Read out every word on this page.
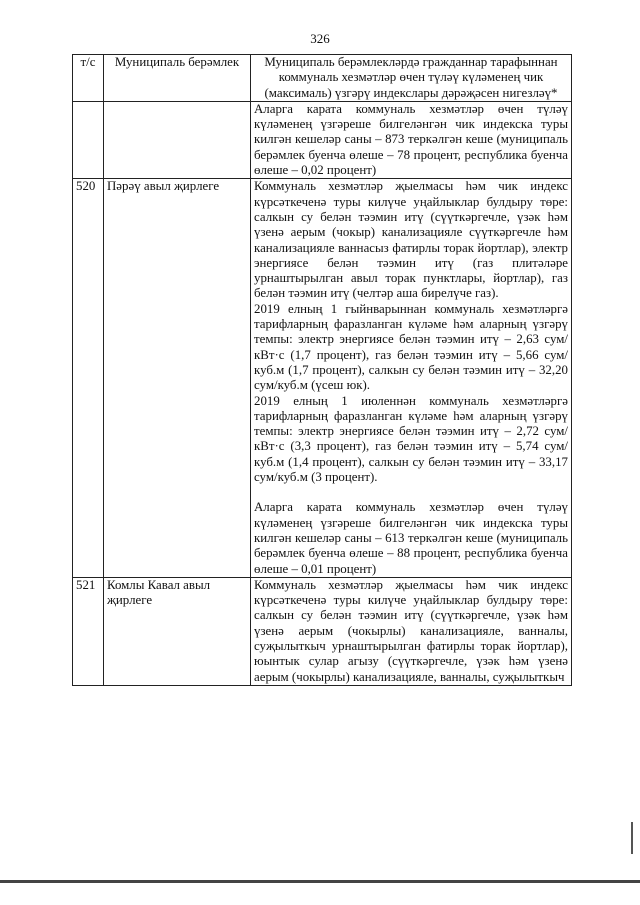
326
т/с	Муниципаль берәмлек	Муниципаль берәмлекләрдә гражданнар тарафыннан коммуналь хезмәтләр өчен түләү күләменең чик (максималь) үзгәрү индекслары дәрәҗәсен нигезләү*

		Аларга карата коммуналь хезмәтләр өчен түләү күләменең үзгәреше билгеләнгән чик индекска туры килгән кешеләр саны – 873 теркәлгән кеше (муниципаль берәмлек буенча өлеше – 78 процент, республика буенча өлеше – 0,02 процент)

520	Пәрәү авыл җирлеге	Коммуналь хезмәтләр җыелмасы һәм чик индекс күрсәткеченә туры килүче уңайлыклар булдыру төре: салкын су белән тәэмин итү (сүүткәргечле, үзәк һәм үзенә аерым (чокыр) канализацияле сүүткәргечле һәм канализацияле ваннасыз фатирлы торак йортлар), электр энергиясе белән тәэмин итү (газ плитәләре урнаштырылган авыл торак пунктлары, йортлар), газ белән тәэмин итү (челтәр аша бирелүче газ).

2019 елның 1 гыйнварыннан коммуналь хезмәтләргә тарифларның фаразланган күләме һәм аларның үзгәрү темпы: электр энергиясе белән тәэмин итү – 2,63 сум/кВт·с (1,7 процент), газ белән тәэмин итү – 5,66 сум/куб.м (1,7 процент), салкын су белән тәэмин итү – 32,20 сум/куб.м (үсеш юк).

2019 елның 1 июленнән коммуналь хезмәтләргә тарифларның фаразланган күләме һәм аларның үзгәрү темпы: электр энергиясе белән тәэмин итү – 2,72 сум/кВт·с (3,3 процент), газ белән тәэмин итү – 5,74 сум/куб.м (1,4 процент), салкын су белән тәэмин итү – 33,17 сум/куб.м (3 процент).

Аларга карата коммуналь хезмәтләр өчен түләү күләменең үзгәреше билгеләнгән чик индекска туры килгән кешеләр саны – 613 теркәлгән кеше (муниципаль берәмлек буенча өлеше – 88 процент, республика буенча өлеше – 0,01 процент)

521	Комлы Кавал авыл җирлеге	Коммуналь хезмәтләр җыелмасы һәм чик индекс күрсәткеченә туры килүче уңайлыклар булдыру төре: салкын су белән тәэмин итү (сүүткәргечле, үзәк һәм үзенә аерым (чокырлы) канализацияле, ванналы, суҗылыткыч урнаштырылган фатирлы торак йортлар), юынтык сулар агызу (сүүткәргечле, үзәк һәм үзенә аерым (чокырлы) канализацияле, ванналы, суҗылыткыч
